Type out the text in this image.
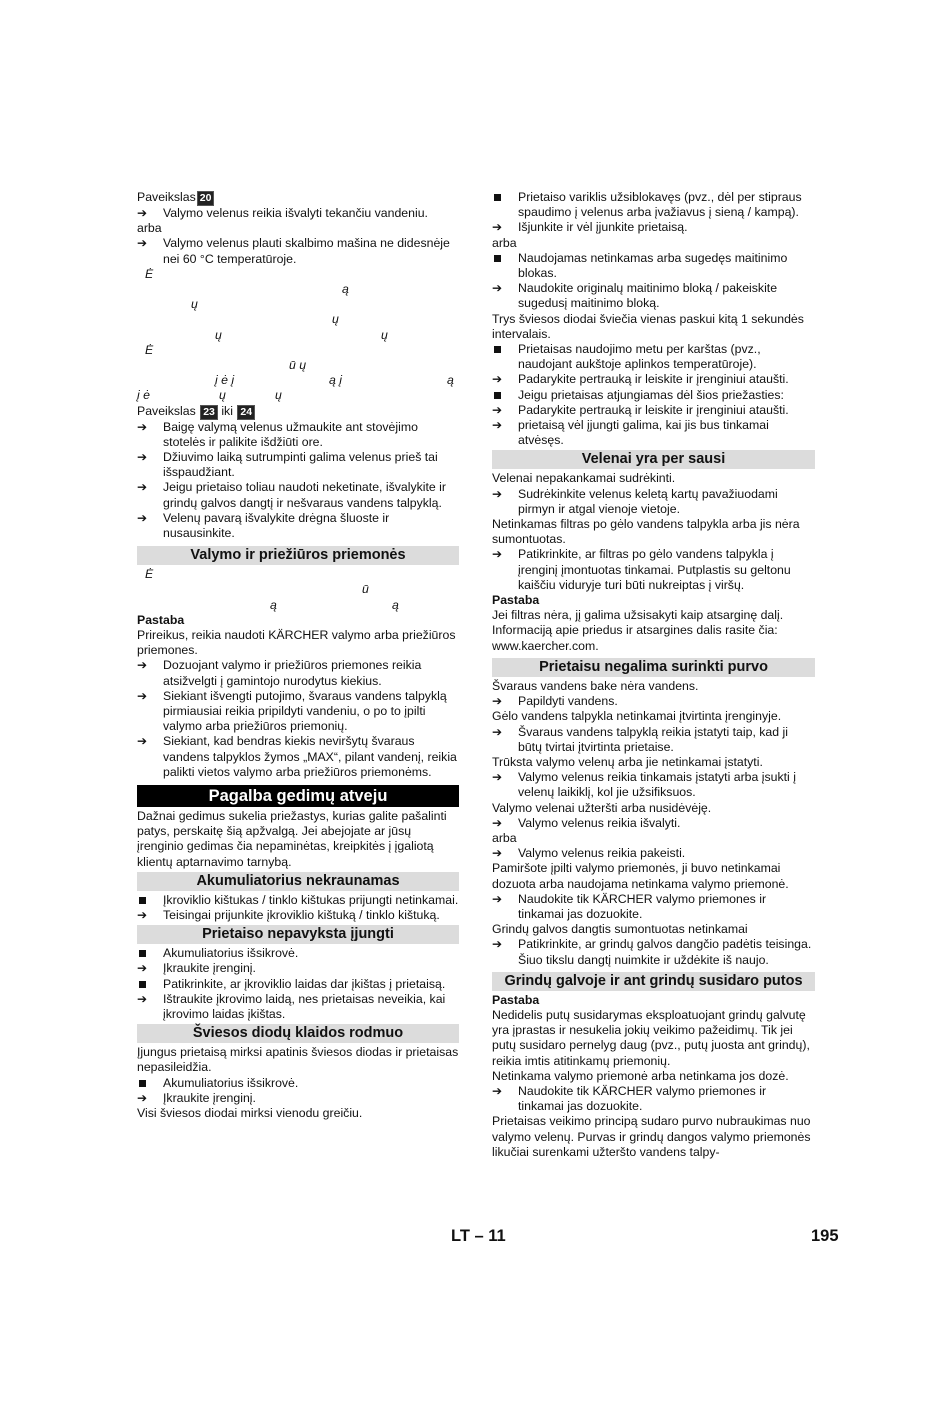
Paveikslas 20

➔	Valymo velenus reikia išvalyti tekančiu vandeniu.

arba

➔	Valymo velenus plauti skalbimo mašina ne didesnėje nei 60 °C temperatūroje.
Ė
ą
ų
ų
ų	ų
Ė
ū ų
į ė į	ą į	ą
į ė	ų	ų

Paveikslas 23 iki 24

➔	Baigę valymą velenus užmaukite ant stovėjimo stotelės ir palikite išdžiūti ore.
➔	Džiuvimo laiką sutrumpinti galima velenus prieš tai išspaudžiant.
➔	Jeigu prietaiso toliau naudoti neketinate, išvalykite ir grindų galvos dangtį ir nešvaraus vandens talpyklą.
➔	Velenų pavarą išvalykite drėgna šluoste ir nusausinkite.
Valymo ir priežiūros priemonės
Ė
ū
ą	ą

Pastaba

Prireikus, reikia naudoti KÄRCHER valymo arba priežiūros priemones.

➔	Dozuojant valymo ir priežiūros priemones reikia atsižvelgti į gamintojo nurodytus kiekius.
➔	Siekiant išvengti putojimo, švaraus vandens talpyklą pirmiausiai reikia pripildyti vandeniu, o po to įpilti valymo arba priežiūros priemonių.
➔	Siekiant, kad bendras kiekis neviršytų švaraus vandens talpyklos žymos „MAX“, pilant vandenį, reikia palikti vietos valymo arba priežiūros priemonėms.
Pagalba gedimų atveju

Dažnai gedimus sukelia priežastys, kurias galite pašalinti patys, perskaitę šią apžvalgą. Jei abejojate ar jūsų įrenginio gedimas čia nepaminėtas, kreipkitės į įgaliotą klientų aptarnavimo tarnybą.

Akumuliatorius nekraunamas
Įkroviklio kištukas / tinklo kištukas prijungti netinkamai.
➔	Teisingai prijunkite įkroviklio kištuką / tinklo kištuką.
Prietaiso nepavyksta įjungti
Akumuliatorius išsikrovė.
➔	Įkraukite įrenginį.
Patikrinkite, ar įkroviklio laidas dar įkištas į prietaisą.
➔	Ištraukite įkrovimo laidą, nes prietaisas neveikia, kai įkrovimo laidas įkištas.
Šviesos diodų klaidos rodmuo

Įjungus prietaisą mirksi apatinis šviesos diodas ir prietaisas nepasileidžia.

Akumuliatorius išsikrovė.
➔	Įkraukite įrenginį.

Visi šviesos diodai mirksi vienodu greičiu.

Prietaiso variklis užsiblokavęs (pvz., dėl per stipraus spaudimo į velenus arba įvažiavus į sieną / kampą).
➔	Išjunkite ir vėl įjunkite prietaisą.

arba

Naudojamas netinkamas arba sugedęs maitinimo blokas.
➔	Naudokite originalų maitinimo bloką / pakeiskite sugedusį maitinimo bloką.

Trys šviesos diodai šviečia vienas paskui kitą 1 sekundės intervalais.

Prietaisas naudojimo metu per karštas (pvz., naudojant aukštoje aplinkos temperatūroje).
➔	Padarykite pertrauką ir leiskite ir įrenginiui ataušti.
Jeigu prietaisas atjungiamas dėl šios priežasties:
➔	Padarykite pertrauką ir leiskite ir įrenginiui ataušti.
➔	prietaisą vėl įjungti galima, kai jis bus tinkamai atvėsęs.
Velenai yra per sausi

Velenai nepakankamai sudrėkinti.

➔	Sudrėkinkite velenus keletą kartų pavažiuodami pirmyn ir atgal vienoje vietoje.

Netinkamas filtras po gėlo vandens talpykla arba jis nėra sumontuotas.

➔	Patikrinkite, ar filtras po gėlo vandens talpykla į įrenginį įmontuotas tinkamai. Putplastis su geltonu kaiščiu viduryje turi būti nukreiptas į viršų.

Pastaba

Jei filtras nėra, jį galima užsisakyti kaip atsarginę dalį. Informaciją apie priedus ir atsargines dalis rasite čia: www.kaercher.com.

Prietaisu negalima surinkti purvo

Švaraus vandens bake nėra vandens.

➔	Papildyti vandens.

Gėlo vandens talpykla netinkamai įtvirtinta įrenginyje.

➔	Švaraus vandens talpyklą reikia įstatyti taip, kad ji būtų tvirtai įtvirtinta prietaise.

Trūksta valymo velenų arba jie netinkamai įstatyti.

➔	Valymo velenus reikia tinkamais įstatyti arba įsukti į velenų laikiklį, kol jie užsifiksuos.

Valymo velenai užteršti arba nusidėvėję.

➔	Valymo velenus reikia išvalyti.

arba

➔	Valymo velenus reikia pakeisti.

Pamiršote įpilti valymo priemonės, ji buvo netinkamai dozuota arba naudojama netinkama valymo priemonė.

➔	Naudokite tik KÄRCHER valymo priemones ir tinkamai jas dozuokite.

Grindų galvos dangtis sumontuotas netinkamai

➔	Patikrinkite, ar grindų galvos dangčio padėtis teisinga. Šiuo tikslu dangtį nuimkite ir uždėkite iš naujo.
Grindų galvoje ir ant grindų susidaro putos

Pastaba

Nedidelis putų susidarymas eksploatuojant grindų galvutę yra įprastas ir nesukelia jokių veikimo pažeidimų. Tik jei putų susidaro pernelyg daug (pvz., putų juosta ant grindų), reikia imtis atitinkamų priemonių.

Netinkama valymo priemonė arba netinkama jos dozė.

➔	Naudokite tik KÄRCHER valymo priemones ir tinkamai jas dozuokite.

Prietaisas veikimo principą sudaro purvo nubraukimas nuo valymo velenų. Purvas ir grindų dangos valymo priemonės likučiai surenkami užteršto vandens talpy-

LT – 11	195
